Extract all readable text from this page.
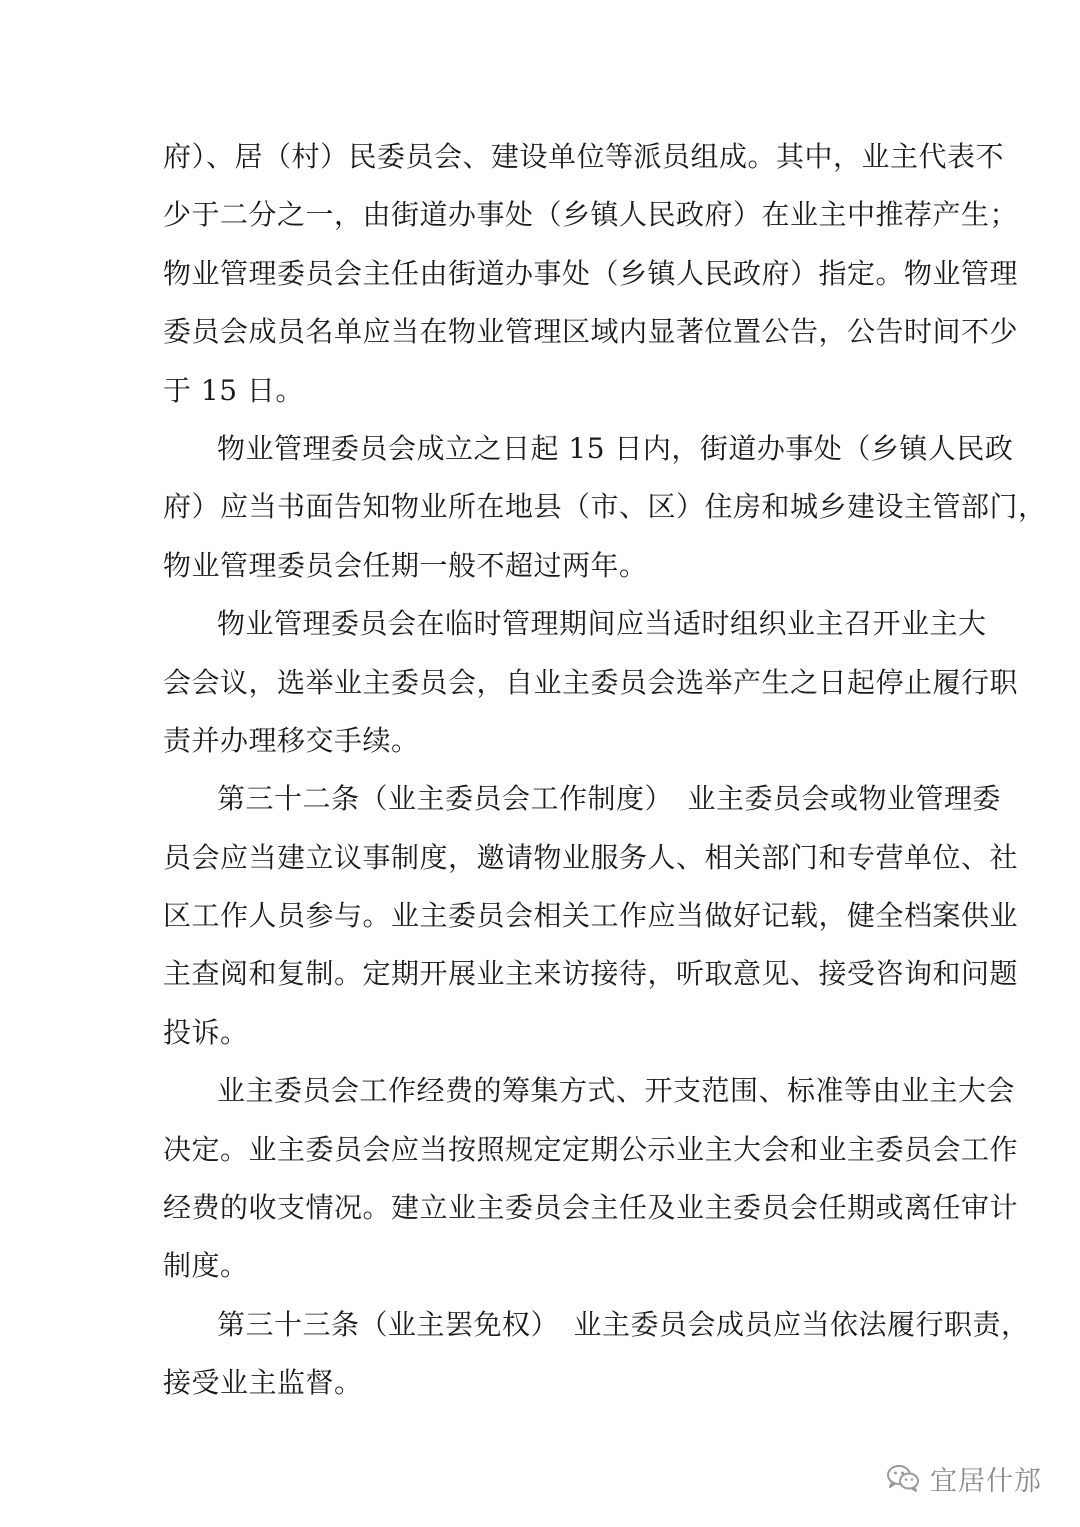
府）、居（村）民委员会、建设单位等派员组成。其中，业主代表不
少于二分之一，由街道办事处（乡镇人民政府）在业主中推荐产生；
物业管理委员会主任由街道办事处（乡镇人民政府）指定。物业管理
委员会成员名单应当在物业管理区域内显著位置公告，公告时间不少
于 15 日。
物业管理委员会成立之日起 15 日内，街道办事处（乡镇人民政
府）应当书面告知物业所在地县（市、区）住房和城乡建设主管部门，
物业管理委员会任期一般不超过两年。
物业管理委员会在临时管理期间应当适时组织业主召开业主大
会会议，选举业主委员会，自业主委员会选举产生之日起停止履行职
责并办理移交手续。
第三十二条（业主委员会工作制度）　业主委员会或物业管理委
员会应当建立议事制度，邀请物业服务人、相关部门和专营单位、社
区工作人员参与。业主委员会相关工作应当做好记载，健全档案供业
主查阅和复制。定期开展业主来访接待，听取意见、接受咨询和问题
投诉。
业主委员会工作经费的筹集方式、开支范围、标准等由业主大会
决定。业主委员会应当按照规定定期公示业主大会和业主委员会工作
经费的收支情况。建立业主委员会主任及业主委员会任期或离任审计
制度。
第三十三条（业主罢免权）　业主委员会成员应当依法履行职责，
接受业主监督。
宜居什邡
